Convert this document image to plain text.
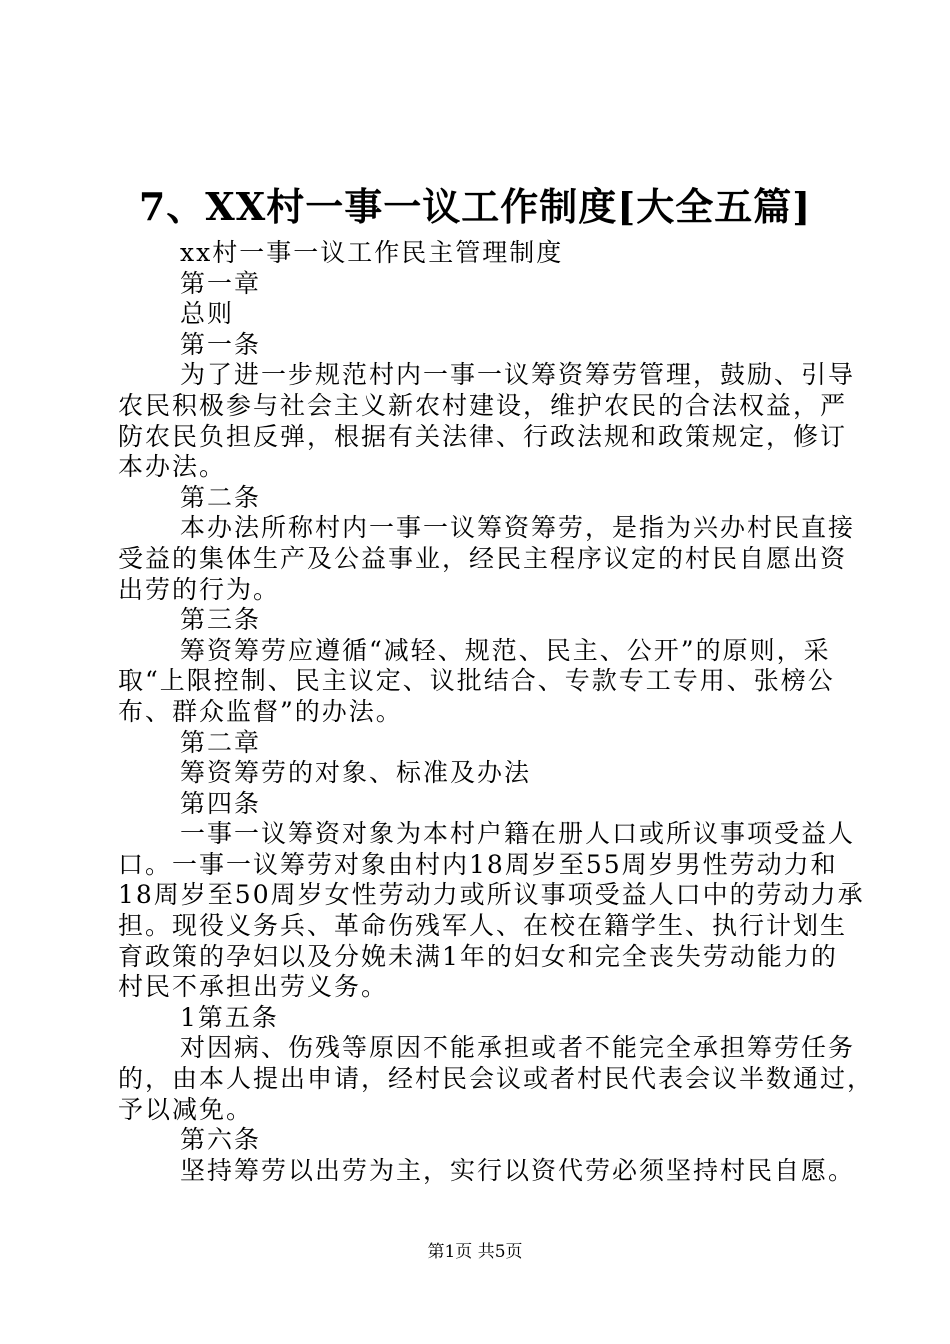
7、XX村一事一议工作制度[大全五篇]
xx村一事一议工作民主管理制度
第一章
总则
第一条
为了进一步规范村内一事一议筹资筹劳管理，鼓励、引导
农民积极参与社会主义新农村建设，维护农民的合法权益，严
防农民负担反弹，根据有关法律、行政法规和政策规定，修订
本办法。
第二条
本办法所称村内一事一议筹资筹劳，是指为兴办村民直接
受益的集体生产及公益事业，经民主程序议定的村民自愿出资
出劳的行为。
第三条
筹资筹劳应遵循“减轻、规范、民主、公开”的原则，采
取“上限控制、民主议定、议批结合、专款专工专用、张榜公
布、群众监督”的办法。
第二章
筹资筹劳的对象、标准及办法
第四条
一事一议筹资对象为本村户籍在册人口或所议事项受益人
口。一事一议筹劳对象由村内18周岁至55周岁男性劳动力和
18周岁至50周岁女性劳动力或所议事项受益人口中的劳动力承
担。现役义务兵、革命伤残军人、在校在籍学生、执行计划生
育政策的孕妇以及分娩未满1年的妇女和完全丧失劳动能力的
村民不承担出劳义务。
1第五条
对因病、伤残等原因不能承担或者不能完全承担筹劳任务
的，由本人提出申请，经村民会议或者村民代表会议半数通过，
予以减免。
第六条
坚持筹劳以出劳为主，实行以资代劳必须坚持村民自愿。
第1页 共5页
